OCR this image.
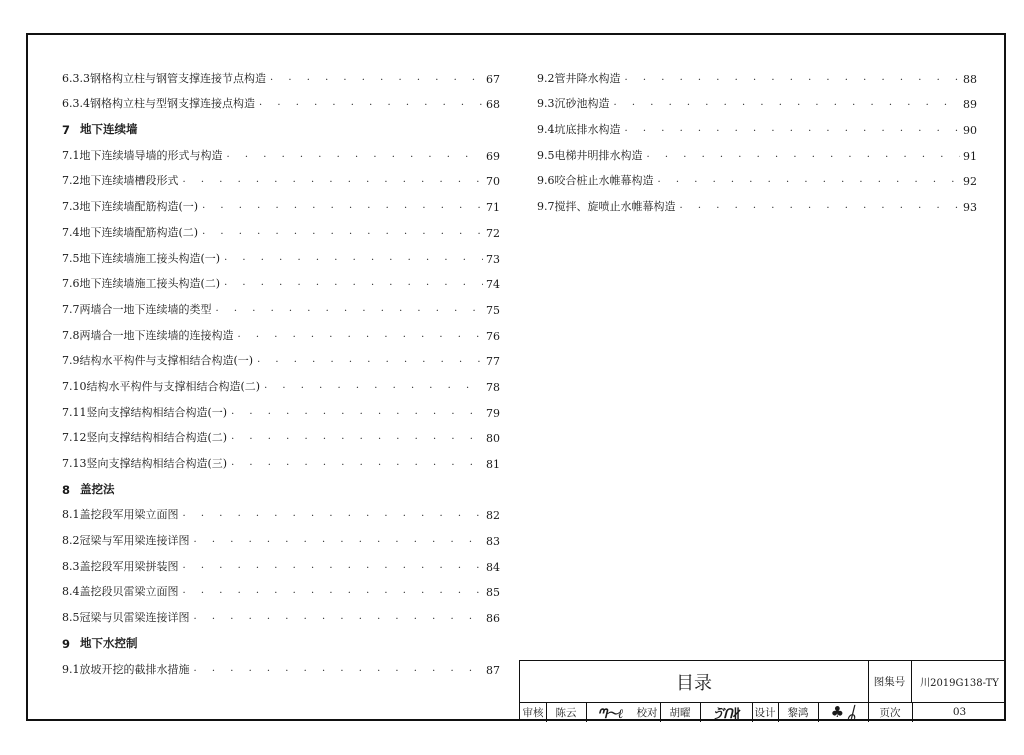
6.3.3钢格构立柱与钢管支撑连接节点构造 · · ·	67
6.3.4钢格构立柱与型钢支撑连接点构造 · · ·	68
7 地下连续墙
7.1地下连续墙导墙的形式与构造 · · ·	69
7.2地下连续墙槽段形式 · · ·	70
7.3地下连续墙配筋构造(一) · · ·	71
7.4地下连续墙配筋构造(二) · · ·	72
7.5地下连续墙施工接头构造(一) · · ·	73
7.6地下连续墙施工接头构造(二) · · ·	74
7.7两墙合一地下连续墙的类型 · · ·	75
7.8两墙合一地下连续墙的连接构造 · · ·	76
7.9结构水平构件与支撑相结合构造(一) · · ·	77
7.10结构水平构件与支撑相结合构造(二) · · ·	78
7.11竖向支撑结构相结合构造(一) · · ·	79
7.12竖向支撑结构相结合构造(二) · · ·	80
7.13竖向支撑结构相结合构造(三) · · ·	81
8 盖挖法
8.1盖挖段军用梁立面图 · · ·	82
8.2冠梁与军用梁连接详图 · · ·	83
8.3盖挖段军用梁拼装图 · · ·	84
8.4盖挖段贝雷梁立面图 · · ·	85
8.5冠梁与贝雷梁连接详图 · · ·	86
9 地下水控制
9.1放坡开挖的截排水措施 · · ·	87
9.2管井降水构造 · · ·	88
9.3沉砂池构造 · · ·	89
9.4坑底排水构造 · · ·	90
9.5电梯井明排水构造 · · ·	91
9.6咬合桩止水帷幕构造 · · ·	92
9.7搅拌、旋喷止水帷幕构造 · · ·	93
目录	图集号	川2019G138-TY
审核	陈云	ᘉ〜ℓ	校对	胡曜	ゔᑎ∦	设计	黎鸿	♣ ᛦ	页次	03
